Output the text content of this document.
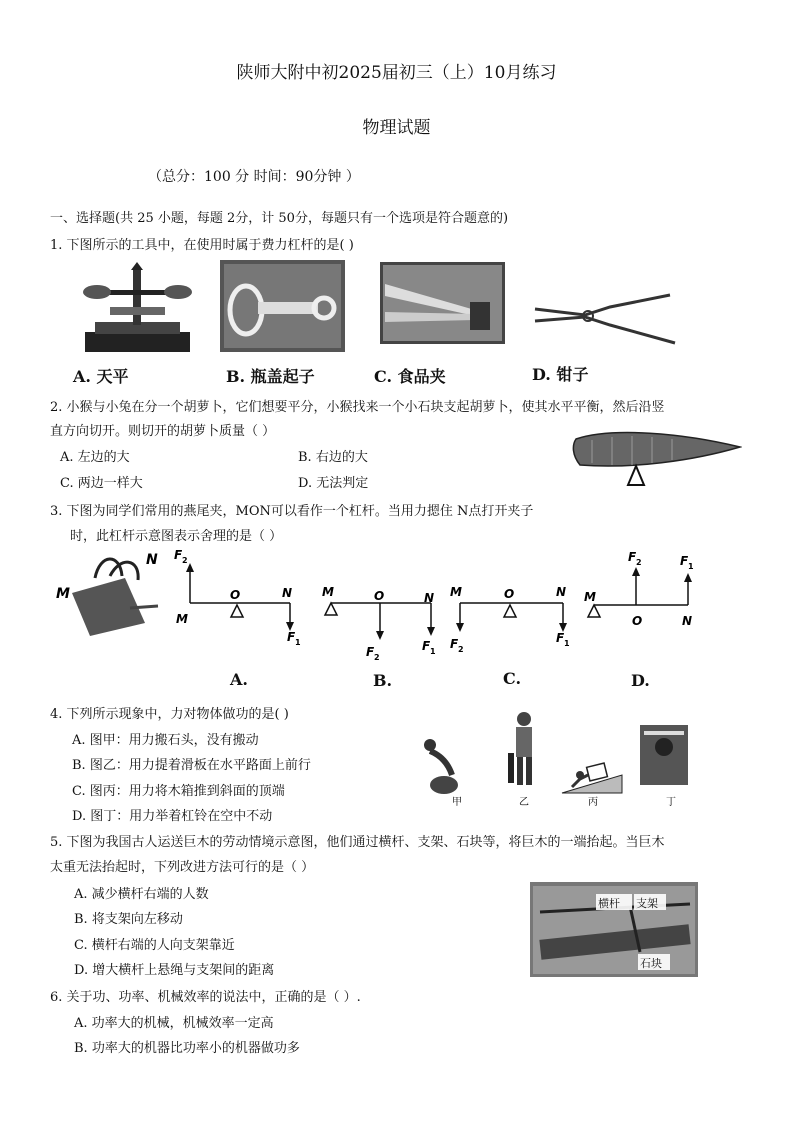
陕师大附中初2025届初三（上）10月练习
物理试题
（总分：100 分 时间：90分钟 ）
一、选择题(共 25 小题，每题 2分，计 50分，每题只有一个选项是符合题意的)
1. 下图所示的工具中，在使用时属于费力杠杆的是( )
A. 天平	B. 瓶盖起子	C. 食品夹	D. 钳子
2. 小猴与小兔在分一个胡萝卜，它们想要平分，小猴找来一个小石块支起胡萝卜，使其水平平衡，然后沿竖
直方向切开。则切开的胡萝卜质量（ ）
A. 左边的大	B. 右边的大
C. 两边一样大	D. 无法判定
3. 下图为同学们常用的燕尾夹，MON可以看作一个杠杆。当用力摁住 N点打开夹子
时，此杠杆示意图表示舍理的是（ ）
M
N F 2
M
O	N
F 1
M	O	N
F 2
F 1
M	O	N
F 2
F 1
M
F 2	F 1
O	N
A.	B.	C.	D.
4. 下列所示现象中，力对物体做功的是( )
A. 图甲：用力搬石头，没有搬动
B. 图乙：用力提着滑板在水平路面上前行
C. 图丙：用力将木箱推到斜面的顶端
D. 图丁：用力举着杠铃在空中不动
甲	乙	丙	丁
5. 下图为我国古人运送巨木的劳动情境示意图，他们通过横杆、支架、石块等，将巨木的一端抬起。当巨木
太重无法抬起时，下列改进方法可行的是（ ）
A. 减少横杆右端的人数
B. 将支架向左移动
C. 横杆右端的人向支架靠近
D. 增大横杆上悬绳与支架间的距离
横杆 支架
石块
6. 关于功、功率、机械效率的说法中，正确的是（ ）.
A. 功率大的机械，机械效率一定高
B. 功率大的机器比功率小的机器做功多
